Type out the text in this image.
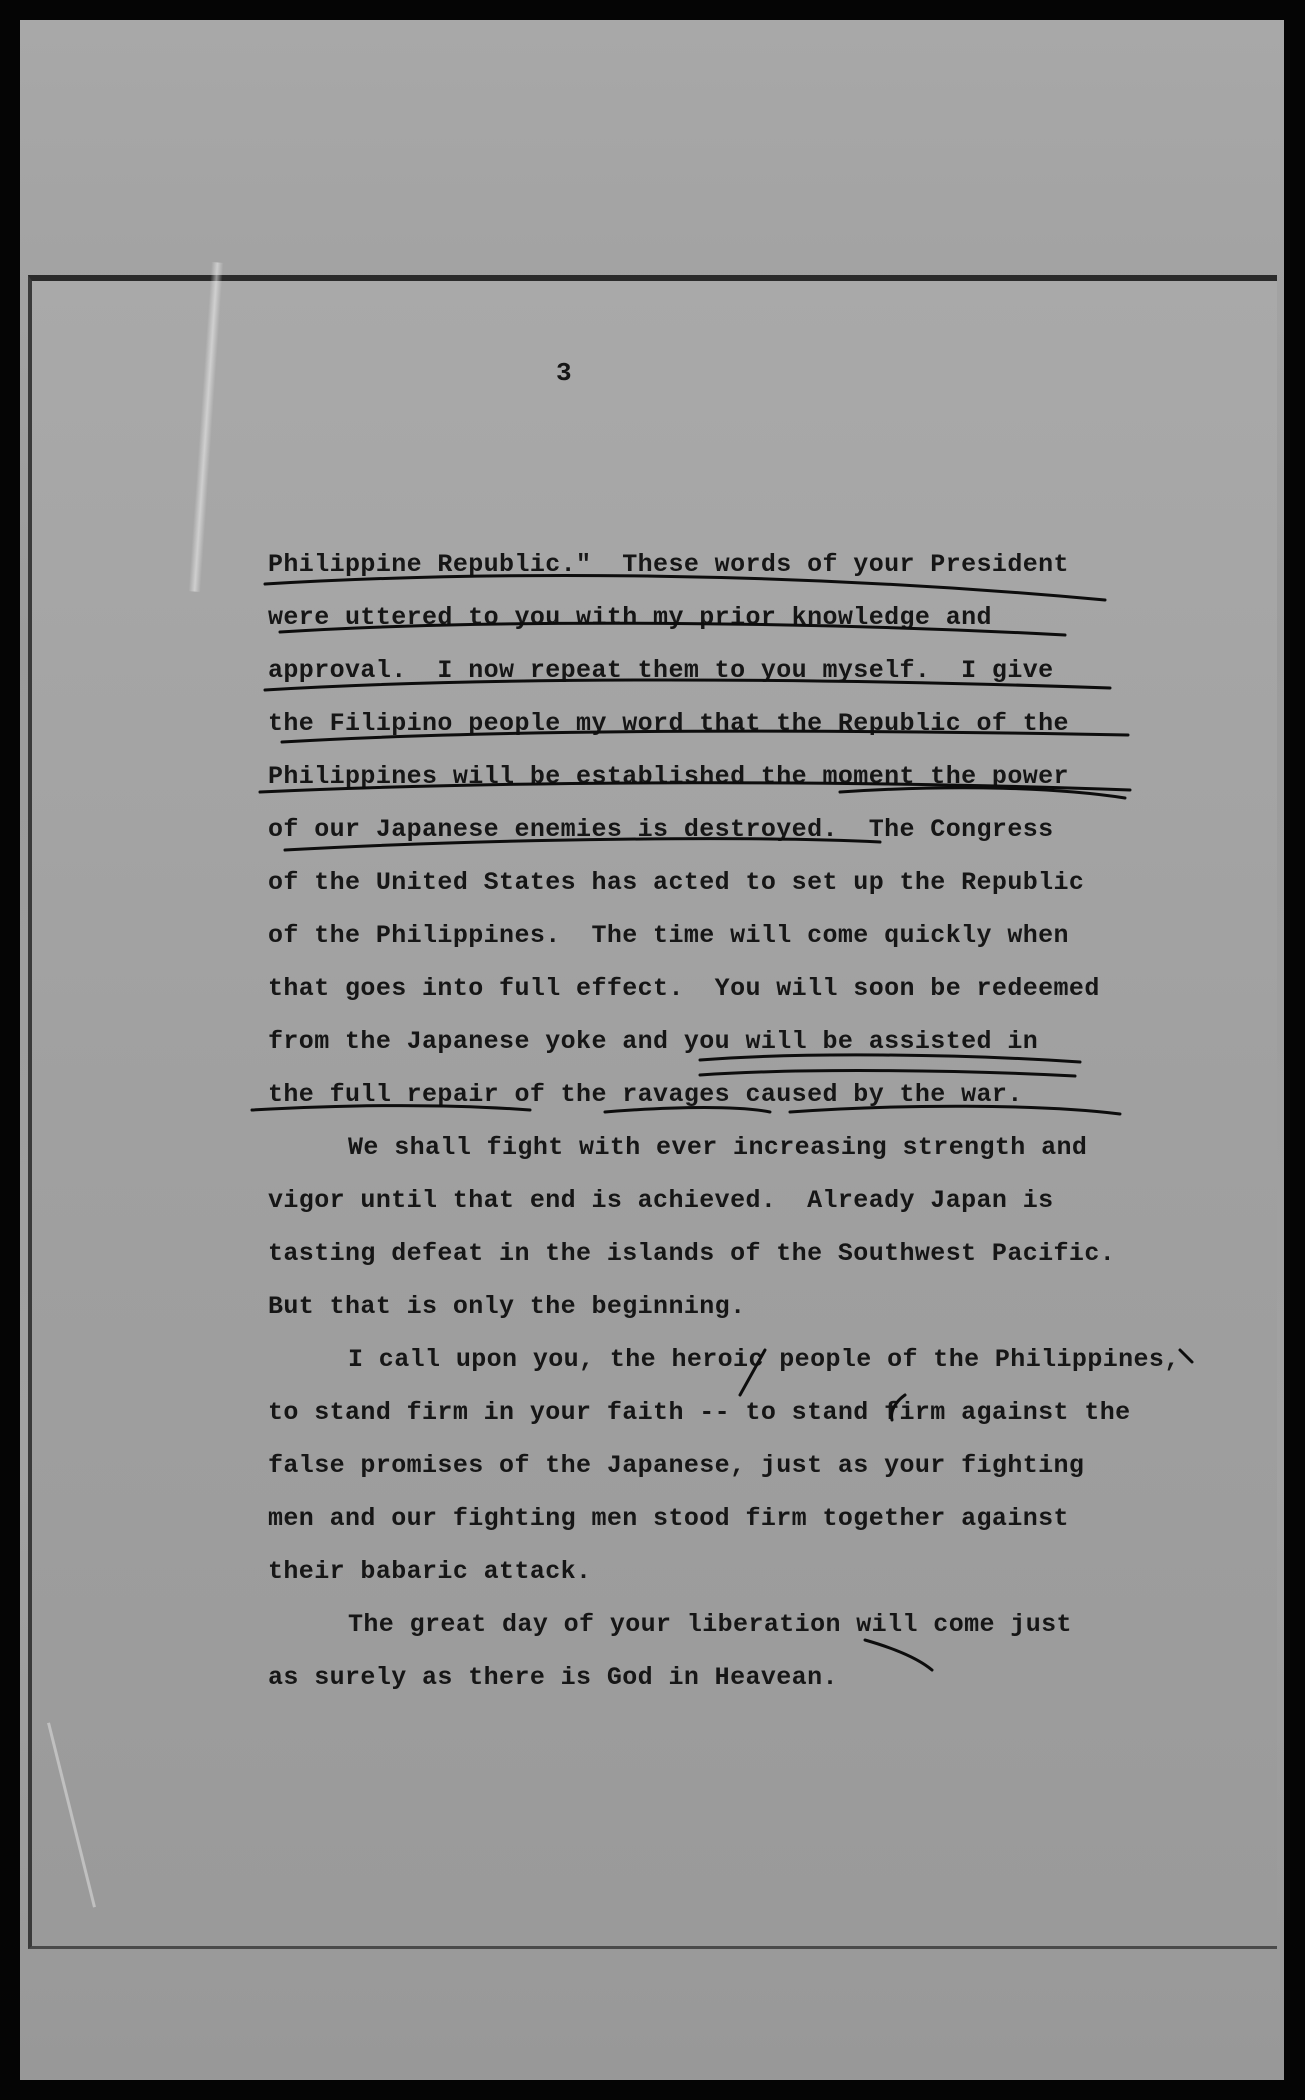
3
Philippine Republic."  These words of your President
were uttered to you with my prior knowledge and
approval.  I now repeat them to you myself.  I give
the Filipino people my word that the Republic of the
Philippines will be established the moment the power
of our Japanese enemies is destroyed.  The Congress
of the United States has acted to set up the Republic
of the Philippines.  The time will come quickly when
that goes into full effect.  You will soon be redeemed
from the Japanese yoke and you will be assisted in
the full repair of the ravages caused by the war.
We shall fight with ever increasing strength and
vigor until that end is achieved.  Already Japan is
tasting defeat in the islands of the Southwest Pacific.
But that is only the beginning.
I call upon you, the heroic people of the Philippines,
to stand firm in your faith -- to stand firm against the
false promises of the Japanese, just as your fighting
men and our fighting men stood firm together against
their babaric attack.
The great day of your liberation will come just
as surely as there is God in Heavean.
